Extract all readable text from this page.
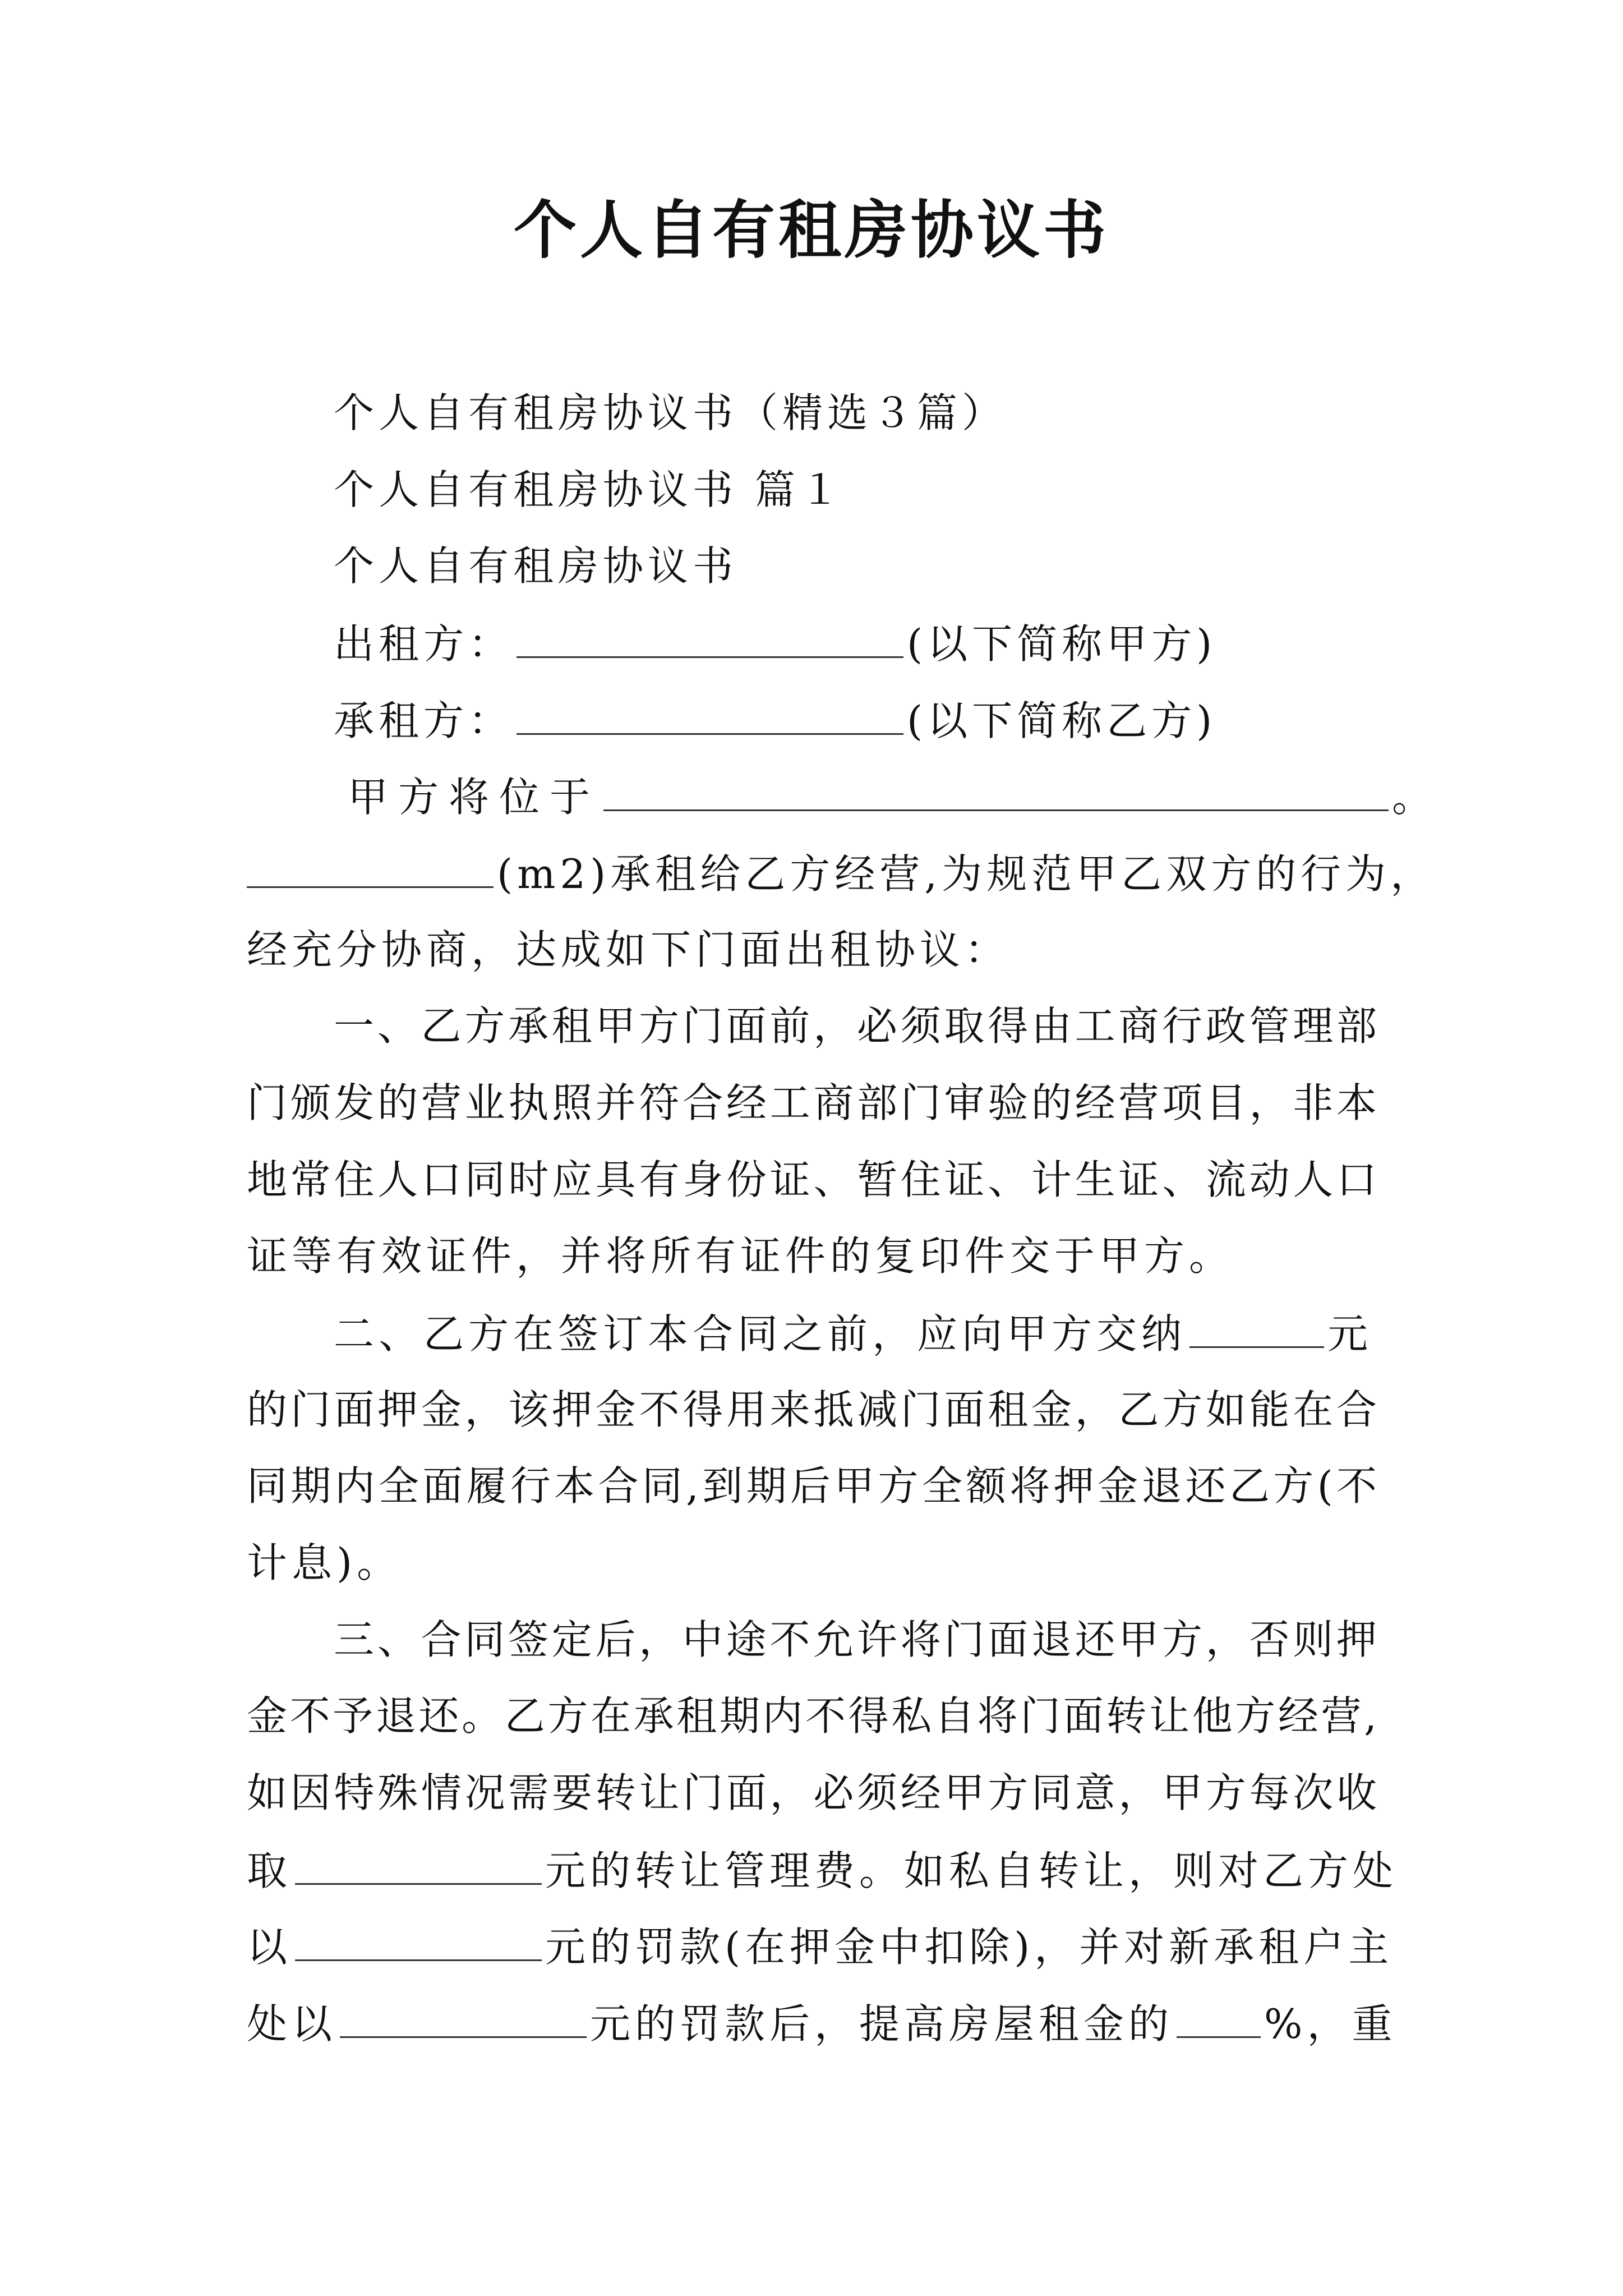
个人自有租房协议书
个人自有租房协议书（精选３篇）
个人自有租房协议书 篇１
个人自有租房协议书
出租方：	(以下简称甲方)
承租方：	(以下简称乙方)
甲方将位于	。
(m2)承租给乙方经营,为规范甲乙双方的行为，
经充分协商，达成如下门面出租协议：
一、乙方承租甲方门面前，必须取得由工商行政管理部
门颁发的营业执照并符合经工商部门审验的经营项目，非本
地常住人口同时应具有身份证、暂住证、计生证、流动人口
证等有效证件，并将所有证件的复印件交于甲方。
二、乙方在签订本合同之前，应向甲方交纳	元
的门面押金，该押金不得用来抵减门面租金，乙方如能在合
同期内全面履行本合同,到期后甲方全额将押金退还乙方(不
计息)。
三、合同签定后，中途不允许将门面退还甲方，否则押
金不予退还。乙方在承租期内不得私自将门面转让他方经营,
如因特殊情况需要转让门面，必须经甲方同意，甲方每次收
取	元的转让管理费。如私自转让，则对乙方处
以	元的罚款(在押金中扣除)，并对新承租户主
处以	元的罚款后，提高房屋租金的 %，重
